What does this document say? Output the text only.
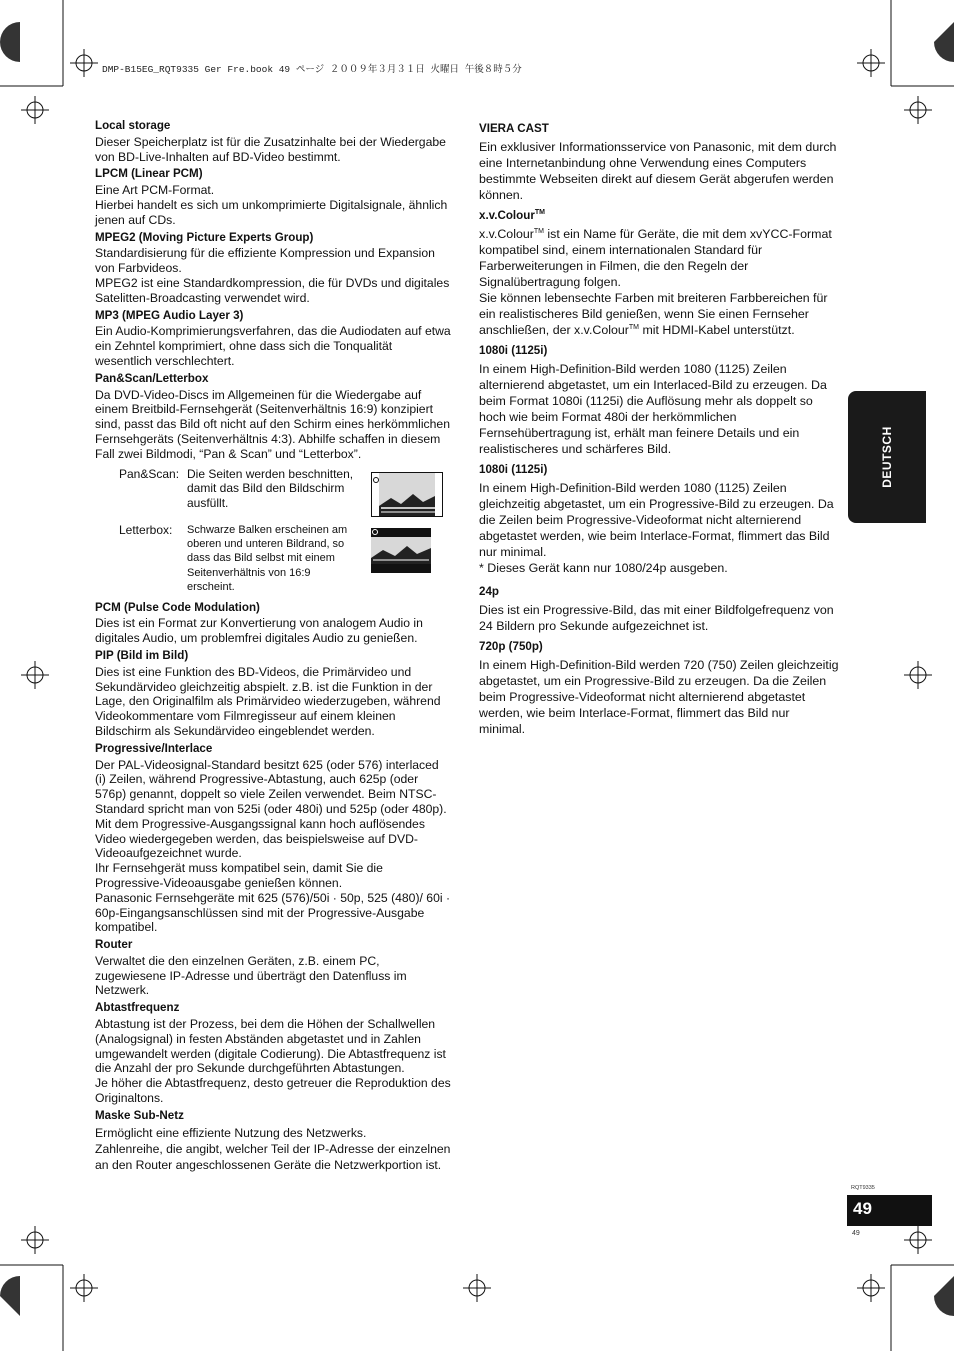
DMP-B15EG_RQT9335 Ger Fre.book 49 ページ ２００９年３月３１日 火曜日 午後８時５分
Local storage

Dieser Speicherplatz ist für die Zusatzinhalte bei der Wiedergabe von BD-Live-Inhalten auf BD-Video bestimmt.

LPCM (Linear PCM)

Eine Art PCM-Format.

Hierbei handelt es sich um unkomprimierte Digitalsignale, ähnlich jenen auf CDs.

MPEG2 (Moving Picture Experts Group)

Standardisierung für die effiziente Kompression und Expansion von Farbvideos.

MPEG2 ist eine Standardkompression, die für DVDs und digitales Satelitten-Broadcasting verwendet wird.

MP3 (MPEG Audio Layer 3)

Ein Audio-Komprimierungsverfahren, das die Audiodaten auf etwa ein Zehntel komprimiert, ohne dass sich die Tonqualität wesentlich verschlechtert.

Pan&Scan/Letterbox

Da DVD-Video-Discs im Allgemeinen für die Wiedergabe auf einem Breitbild-Fernsehgerät (Seitenverhältnis 16:9) konzipiert sind, passt das Bild oft nicht auf den Schirm eines herkömmlichen Fernsehgeräts (Seitenverhältnis 4:3). Abhilfe schaffen in diesem Fall zwei Bildmodi, “Pan & Scan” und “Letterbox”.

Pan&Scan: Die Seiten werden beschnitten, damit das Bild den Bildschirm ausfüllt.
Letterbox:	Schwarze Balken erscheinen am oberen und unteren Bildrand, so dass das Bild selbst mit einem Seitenverhältnis von 16:9 erscheint.
PCM (Pulse Code Modulation)

Dies ist ein Format zur Konvertierung von analogem Audio in digitales Audio, um problemfrei digitales Audio zu genießen.

PIP (Bild im Bild)

Dies ist eine Funktion des BD-Videos, die Primärvideo und Sekundärvideo gleichzeitig abspielt. z.B. ist die Funktion in der Lage, den Originalfilm als Primärvideo wiederzugeben, während Videokommentare vom Filmregisseur auf einem kleinen Bildschirm als Sekundärvideo eingeblendet werden.

Progressive/Interlace

Der PAL-Videosignal-Standard besitzt 625 (oder 576) interlaced (i) Zeilen, während Progressive-Abtastung, auch 625p (oder 576p) genannt, doppelt so viele Zeilen verwendet. Beim NTSC-Standard spricht man von 525i (oder 480i) und 525p (oder 480p).

Mit dem Progressive-Ausgangssignal kann hoch auflösendes Video wiedergegeben werden, das beispielsweise auf DVD-Videoaufgezeichnet wurde.

Ihr Fernsehgerät muss kompatibel sein, damit Sie die Progressive-Videoausgabe genießen können.

Panasonic Fernsehgeräte mit 625 (576)/50i · 50p, 525 (480)/ 60i · 60p-Eingangsanschlüssen sind mit der Progressive-Ausgabe kompatibel.

Router

Verwaltet die den einzelnen Geräten, z.B. einem PC, zugewiesene IP-Adresse und überträgt den Datenfluss im Netzwerk.

Abtastfrequenz

Abtastung ist der Prozess, bei dem die Höhen der Schallwellen (Analogsignal) in festen Abständen abgetastet und in Zahlen umgewandelt werden (digitale Codierung). Die Abtastfrequenz ist die Anzahl der pro Sekunde durchgeführten Abtastungen.

Je höher die Abtastfrequenz, desto getreuer die Reproduktion des Originaltons.

Maske Sub-Netz

Ermöglicht eine effiziente Nutzung des Netzwerks.

Zahlenreihe, die angibt, welcher Teil der IP-Adresse der einzelnen an den Router angeschlossenen Geräte die Netzwerkportion ist.

VIERA CAST

Ein exklusiver Informationsservice von Panasonic, mit dem durch eine Internetanbindung ohne Verwendung eines Computers bestimmte Webseiten direkt auf diesem Gerät abgerufen werden können.

x.v.Colour™

x.v.Colour™ ist ein Name für Geräte, die mit dem xvYCC-Format kompatibel sind, einem internationalen Standard für Farberweiterungen in Filmen, die den Regeln der Signalübertragung folgen.

Sie können lebensechte Farben mit breiteren Farbbereichen für ein realistischeres Bild genießen, wenn Sie einen Fernseher anschließen, der x.v.Colour™ mit HDMI-Kabel unterstützt.

1080i (1125i)

In einem High-Definition-Bild werden 1080 (1125) Zeilen alternierend abgetastet, um ein Interlaced-Bild zu erzeugen. Da beim Format 1080i (1125i) die Auflösung mehr als doppelt so hoch wie beim Format 480i der herkömmlichen Fernsehübertragung ist, erhält man feinere Details und ein realistischeres und schärferes Bild.

1080i (1125i)

In einem High-Definition-Bild werden 1080 (1125) Zeilen gleichzeitig abgetastet, um ein Progressive-Bild zu erzeugen. Da die Zeilen beim Progressive-Videoformat nicht alternierend abgetastet werden, wie beim Interlace-Format, flimmert das Bild nur minimal.

* Dieses Gerät kann nur 1080/24p ausgeben.

24p

Dies ist ein Progressive-Bild, das mit einer Bildfolgefrequenz von 24 Bildern pro Sekunde aufgezeichnet ist.

720p (750p)

In einem High-Definition-Bild werden 720 (750) Zeilen gleichzeitig abgetastet, um ein Progressive-Bild zu erzeugen. Da die Zeilen beim Progressive-Videoformat nicht alternierend abgetastet werden, wie beim Interlace-Format, flimmert das Bild nur minimal.

DEUTSCH
RQT9335
49
49
